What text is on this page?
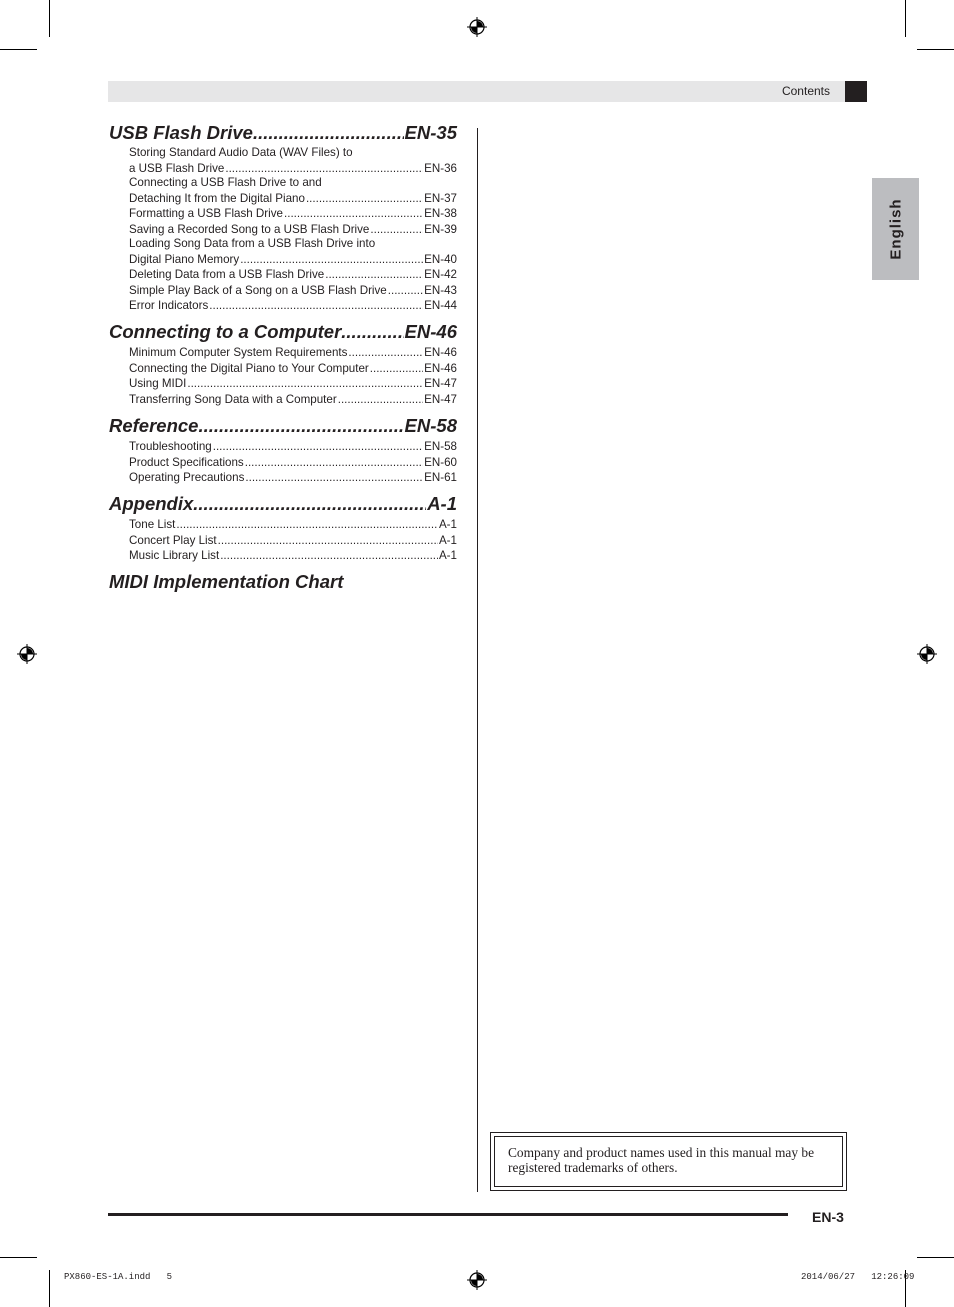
Contents
English
USB Flash Drive .....	EN-35
Storing Standard Audio Data (WAV Files) to
a USB Flash Drive .....	EN-36
Connecting a USB Flash Drive to and
Detaching It from the Digital Piano .....	EN-37
Formatting a USB Flash Drive .....	EN-38
Saving a Recorded Song to a USB Flash Drive .....	EN-39
Loading Song Data from a USB Flash Drive into
Digital Piano Memory .....	EN-40
Deleting Data from a USB Flash Drive .....	EN-42
Simple Play Back of a Song on a USB Flash Drive .....	EN-43
Error Indicators .....	EN-44
Connecting to a Computer .....	EN-46
Minimum Computer System Requirements .....	EN-46
Connecting the Digital Piano to Your Computer .....	EN-46
Using MIDI .....	EN-47
Transferring Song Data with a Computer .....	EN-47
Reference .....	EN-58
Troubleshooting .....	EN-58
Product Specifications .....	EN-60
Operating Precautions .....	EN-61
Appendix .....	A-1
Tone List .....	A-1
Concert Play List .....	A-1
Music Library List .....	A-1
MIDI Implementation Chart
Company and product names used in this manual may be registered trademarks of others.
EN-3
PX860-ES-1A.indd   5	2014/06/27   12:26:09
